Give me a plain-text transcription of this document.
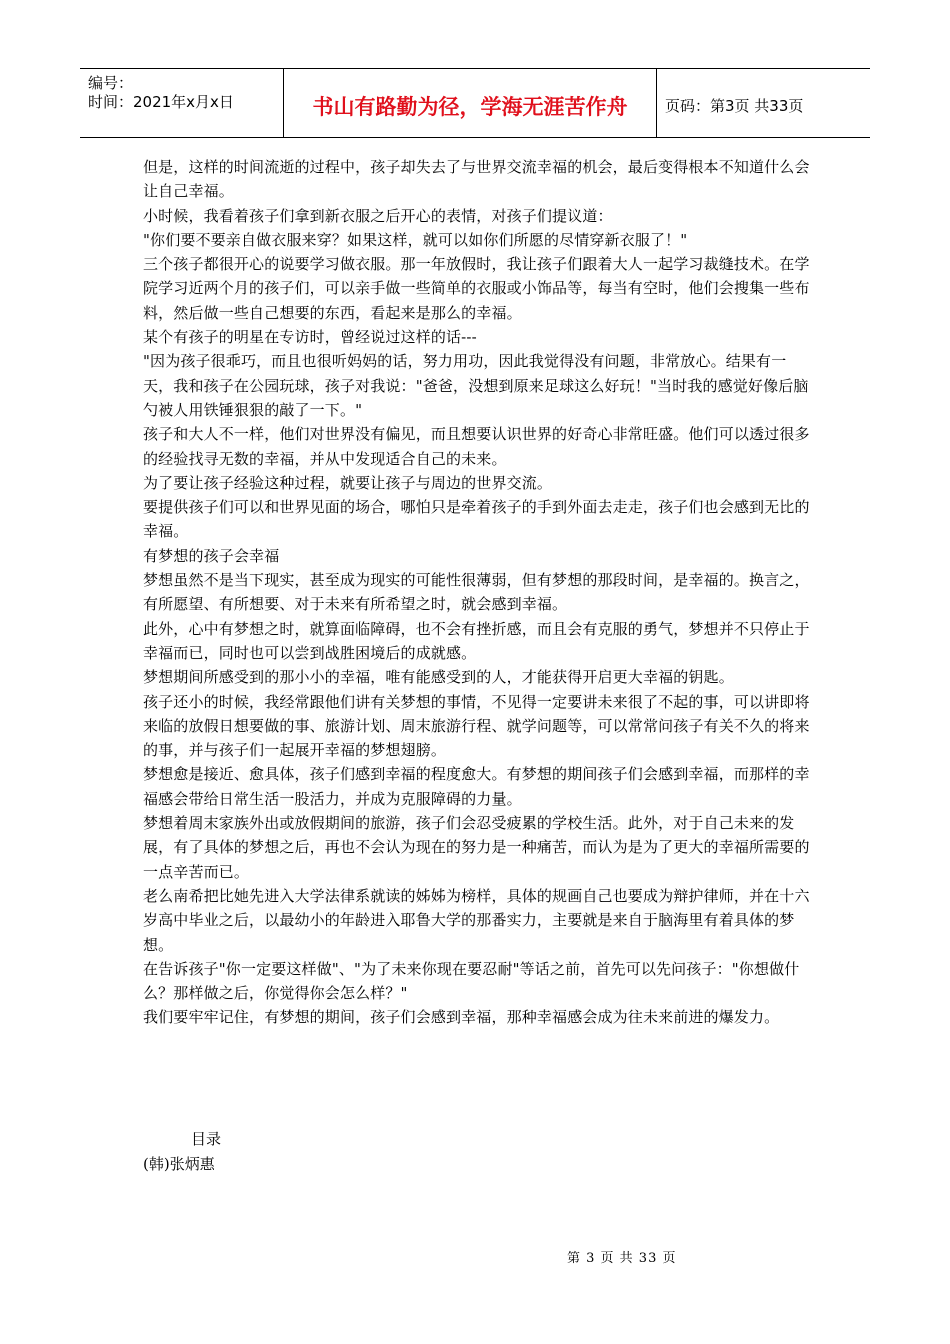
编号：
时间：2021年x月x日	书山有路勤为径，学海无涯苦作舟	页码：第3页 共33页

但是，这样的时间流逝的过程中，孩子却失去了与世界交流幸福的机会，最后变得根本不知道什么会让自己幸福。

小时候，我看着孩子们拿到新衣服之后开心的表情，对孩子们提议道：

"你们要不要亲自做衣服来穿？如果这样，就可以如你们所愿的尽情穿新衣服了！"

三个孩子都很开心的说要学习做衣服。那一年放假时，我让孩子们跟着大人一起学习裁缝技术。在学院学习近两个月的孩子们，可以亲手做一些简单的衣服或小饰品等，每当有空时，他们会搜集一些布料，然后做一些自己想要的东西，看起来是那么的幸福。

某个有孩子的明星在专访时，曾经说过这样的话---

"因为孩子很乖巧，而且也很听妈妈的话，努力用功，因此我觉得没有问题，非常放心。结果有一天，我和孩子在公园玩球，孩子对我说："爸爸，没想到原来足球这么好玩！"当时我的感觉好像后脑勺被人用铁锤狠狠的敲了一下。"

孩子和大人不一样，他们对世界没有偏见，而且想要认识世界的好奇心非常旺盛。他们可以透过很多的经验找寻无数的幸福，并从中发现适合自己的未来。

为了要让孩子经验这种过程，就要让孩子与周边的世界交流。

要提供孩子们可以和世界见面的场合，哪怕只是牵着孩子的手到外面去走走，孩子们也会感到无比的幸福。

有梦想的孩子会幸福

梦想虽然不是当下现实，甚至成为现实的可能性很薄弱，但有梦想的那段时间，是幸福的。换言之，有所愿望、有所想要、对于未来有所希望之时，就会感到幸福。

此外，心中有梦想之时，就算面临障碍，也不会有挫折感，而且会有克服的勇气，梦想并不只停止于幸福而已，同时也可以尝到战胜困境后的成就感。

梦想期间所感受到的那小小的幸福，唯有能感受到的人，才能获得开启更大幸福的钥匙。

孩子还小的时候，我经常跟他们讲有关梦想的事情，不见得一定要讲未来很了不起的事，可以讲即将来临的放假日想要做的事、旅游计划、周末旅游行程、就学问题等，可以常常问孩子有关不久的将来的事，并与孩子们一起展开幸福的梦想翅膀。

梦想愈是接近、愈具体，孩子们感到幸福的程度愈大。有梦想的期间孩子们会感到幸福，而那样的幸福感会带给日常生活一股活力，并成为克服障碍的力量。

梦想着周末家族外出或放假期间的旅游，孩子们会忍受疲累的学校生活。此外，对于自己未来的发展，有了具体的梦想之后，再也不会认为现在的努力是一种痛苦，而认为是为了更大的幸福所需要的一点辛苦而已。

老么南希把比她先进入大学法律系就读的姊姊为榜样，具体的规画自己也要成为辩护律师，并在十六岁高中毕业之后，以最幼小的年龄进入耶鲁大学的那番实力，主要就是来自于脑海里有着具体的梦想。

在告诉孩子"你一定要这样做"、"为了未来你现在要忍耐"等话之前，首先可以先问孩子："你想做什么？那样做之后，你觉得你会怎么样？"

我们要牢牢记住，有梦想的期间，孩子们会感到幸福，那种幸福感会成为往未来前进的爆发力。

目录
(韩)张炳惠
第 3 页 共 33 页
